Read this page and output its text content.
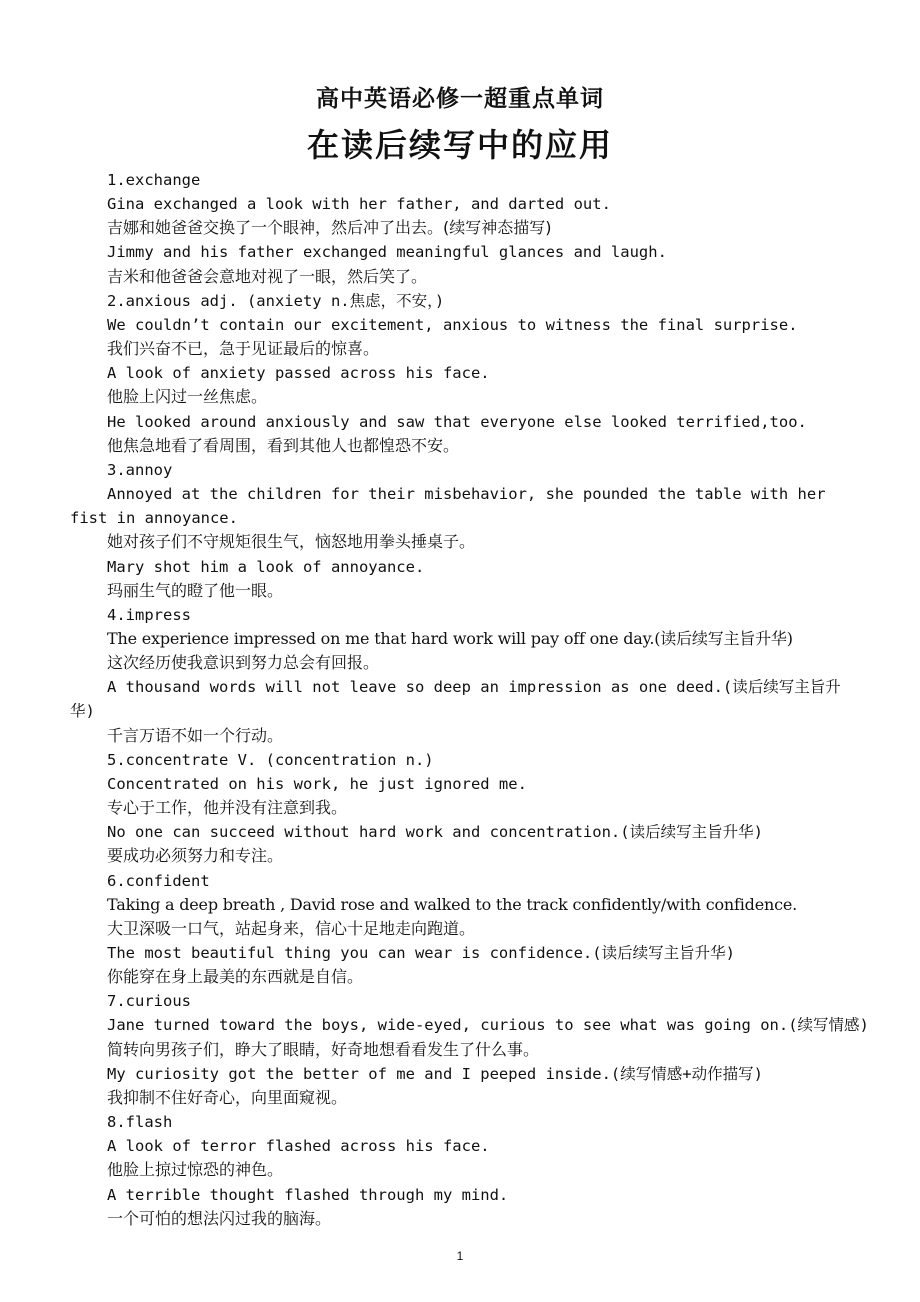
高中英语必修一超重点单词
在读后续写中的应用
1.exchange
Gina exchanged a look with her father, and darted out.
吉娜和她爸爸交换了一个眼神，然后冲了出去。(续写神态描写)
Jimmy and his father exchanged meaningful glances and laugh.
吉米和他爸爸会意地对视了一眼，然后笑了。
2.anxious adj. (anxiety n.焦虑，不安，)
We couldn’t contain our excitement, anxious to witness the final surprise.
我们兴奋不已，急于见证最后的惊喜。
A look of anxiety passed across his face.
他脸上闪过一丝焦虑。
He looked around anxiously and saw that everyone else looked terrified,too.
他焦急地看了看周围，看到其他人也都惶恐不安。
3.annoy
Annoyed at the children for their misbehavior, she pounded the table with her fist in annoyance.
她对孩子们不守规矩很生气，恼怒地用拳头捶桌子。
Mary shot him a look of annoyance.
玛丽生气的瞪了他一眼。
4.impress
The experience impressed on me that hard work will pay off one day.(读后续写主旨升华)
这次经历使我意识到努力总会有回报。
A thousand words will not leave so deep an impression as one deed.(读后续写主旨升华)
千言万语不如一个行动。
5.concentrate V. (concentration n.)
Concentrated on his work, he just ignored me.
专心于工作，他并没有注意到我。
No one can succeed without hard work and concentration.(读后续写主旨升华)
要成功必须努力和专注。
6.confident
Taking a deep breath , David rose and walked to the track confidently/with confidence.
大卫深吸一口气，站起身来，信心十足地走向跑道。
The most beautiful thing you can wear is confidence.(读后续写主旨升华)
你能穿在身上最美的东西就是自信。
7.curious
Jane turned toward the boys, wide-eyed, curious to see what was going on.(续写情感)
简转向男孩子们，睁大了眼睛，好奇地想看看发生了什么事。
My curiosity got the better of me and I peeped inside.(续写情感+动作描写)
我抑制不住好奇心，向里面窥视。
8.flash
A look of terror flashed across his face.
他脸上掠过惊恐的神色。
A terrible thought flashed through my mind.
一个可怕的想法闪过我的脑海。
1
